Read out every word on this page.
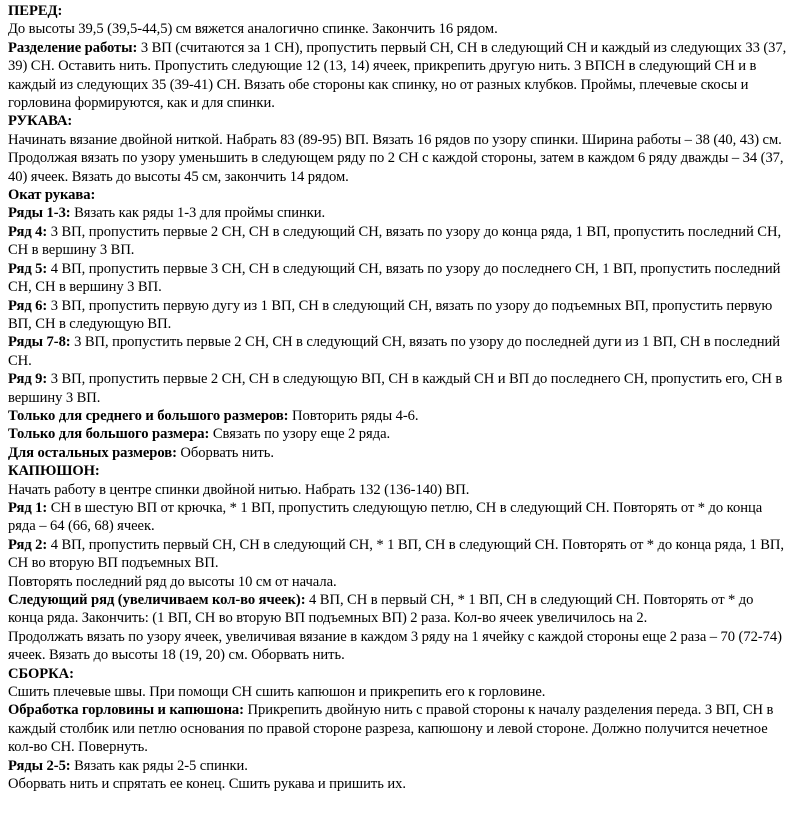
ПЕРЕД:

До высоты 39,5 (39,5-44,5) см вяжется аналогично спинке. Закончить 16 рядом.

Разделение работы: 3 ВП (считаются за 1 СН), пропустить первый СН, СН в следующий СН и каждый из следующих 33 (37, 39) СН. Оставить нить. Пропустить следующие 12 (13, 14) ячеек, прикрепить другую нить. 3 ВПСН в следующий СН и в каждый из следующих 35 (39-41) СН. Вязать обе стороны как спинку, но от разных клубков. Проймы, плечевые скосы и горловина формируются, как и для спинки.

РУКАВА:

Начинать вязание двойной ниткой. Набрать 83 (89-95) ВП. Вязать 16 рядов по узору спинки. Ширина работы – 38 (40, 43) см. Продолжая вязать по узору уменьшить в следующем ряду по 2 СН с каждой стороны, затем в каждом 6 ряду дважды – 34 (37, 40) ячеек. Вязать до высоты 45 см, закончить 14 рядом.

Окат рукава:

Ряды 1-3: Вязать как ряды 1-3 для проймы спинки.

Ряд 4: 3 ВП, пропустить первые 2 СН, СН в следующий СН, вязать по узору до конца ряда, 1 ВП, пропустить последний СН, СН в вершину 3 ВП.

Ряд 5: 4 ВП, пропустить первые 3 СН, СН в следующий СН, вязать по узору до последнего СН, 1 ВП, пропустить последний СН, СН в вершину 3 ВП.

Ряд 6: 3 ВП, пропустить первую дугу из 1 ВП, СН в следующий СН, вязать по узору до подъемных ВП, пропустить первую ВП, СН в следующую ВП.

Ряды 7-8: 3 ВП, пропустить первые 2 СН, СН в следующий СН, вязать по узору до последней дуги из 1 ВП, СН в последний СН.

Ряд 9: 3 ВП, пропустить первые 2 СН, СН в следующую ВП, СН в каждый СН и ВП до последнего СН, пропустить его, СН в вершину 3 ВП.

Только для среднего и большого размеров: Повторить ряды 4-6.

Только для большого размера: Связать по узору еще 2 ряда.

Для остальных размеров: Оборвать нить.

КАПЮШОН:

Начать работу в центре спинки двойной нитью. Набрать 132 (136-140) ВП.

Ряд 1: СН в шестую ВП от крючка, * 1 ВП, пропустить следующую петлю, СН в следующий СН. Повторять от * до конца ряда – 64 (66, 68) ячеек.

Ряд 2: 4 ВП, пропустить первый СН, СН в следующий СН, * 1 ВП, СН в следующий СН. Повторять от * до конца ряда, 1 ВП, СН во вторую ВП подъемных ВП.

Повторять последний ряд до высоты 10 см от начала.

Следующий ряд (увеличиваем кол-во ячеек): 4 ВП, СН в первый СН, * 1 ВП, СН в следующий СН. Повторять от * до конца ряда. Закончить: (1 ВП, СН во вторую ВП подъемных ВП) 2 раза. Кол-во ячеек увеличилось на 2.

Продолжать вязать по узору ячеек, увеличивая вязание в каждом 3 ряду на 1 ячейку с каждой стороны еще 2 раза – 70 (72-74) ячеек. Вязать до высоты 18 (19, 20) см. Оборвать нить.

СБОРКА:

Сшить плечевые швы. При помощи СН сшить капюшон и прикрепить его к горловине.

Обработка горловины и капюшона: Прикрепить двойную нить с правой стороны к началу разделения переда. 3 ВП, СН в каждый столбик или петлю основания по правой стороне разреза, капюшону и левой стороне. Должно получится нечетное кол-во СН. Повернуть.

Ряды 2-5: Вязать как ряды 2-5 спинки.

Оборвать нить и спрятать ее конец. Сшить рукава и пришить их.
